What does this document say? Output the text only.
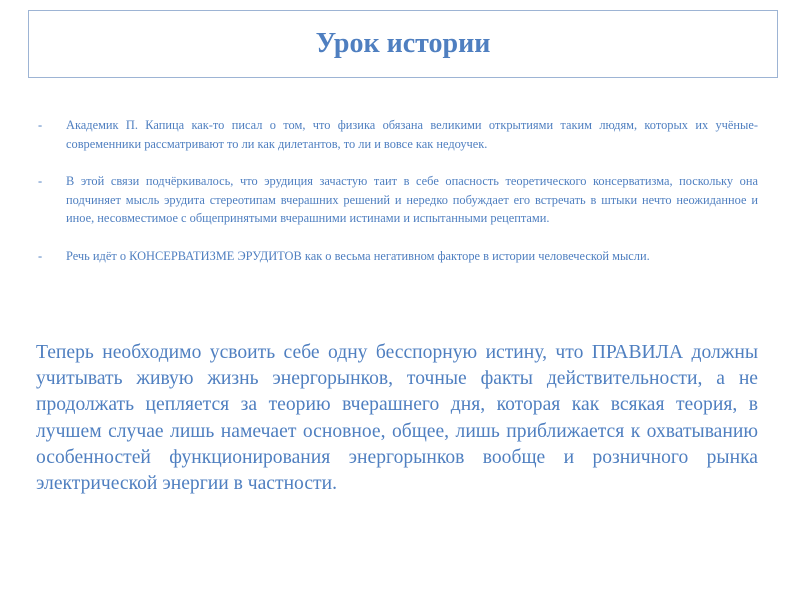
Урок истории
- Академик П. Капица как-то писал о том, что физика обязана великими открытиями таким людям, которых их учёные-современники рассматривают то ли как дилетантов, то ли и вовсе как недоучек.
- В этой связи подчёркивалось, что эрудиция зачастую таит в себе опасность теоретического консерватизма, поскольку она подчиняет мысль эрудита стереотипам вчерашних решений и нередко побуждает его встречать в штыки нечто неожиданное и иное, несовместимое с общепринятыми вчерашними истинами и испытанными рецептами.
- Речь идёт о КОНСЕРВАТИЗМЕ ЭРУДИТОВ как о весьма негативном факторе в истории человеческой мысли.

Теперь необходимо усвоить себе одну бесспорную истину, что ПРАВИЛА должны учитывать живую жизнь энергорынков, точные факты действительности, а не продолжать цепляется за теорию вчерашнего дня, которая как всякая теория, в лучшем случае лишь намечает основное, общее, лишь приближается к охватыванию особенностей функционирования энергорынков вообще и розничного рынка электрической энергии в частности.
